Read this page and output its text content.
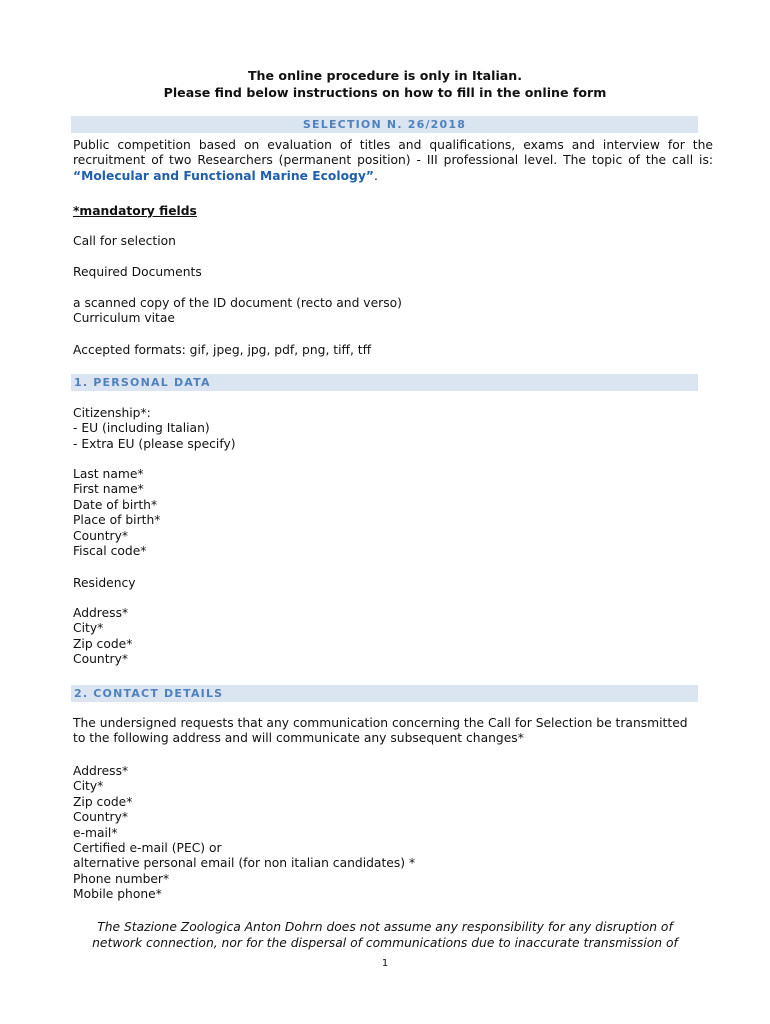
The online procedure is only in Italian.
Please find below instructions on how to fill in the online form
SELECTION N. 26/2018
Public competition based on evaluation of titles and qualifications, exams and interview for the recruitment of two Researchers (permanent position) - III professional level. The topic of the call is: “Molecular and Functional Marine Ecology”.
*mandatory fields
Call for selection
Required Documents
a scanned copy of the ID document (recto and verso)
Curriculum vitae
Accepted formats: gif, jpeg, jpg, pdf, png, tiff, tff
1. PERSONAL DATA
Citizenship*:
- EU (including Italian)
- Extra EU (please specify)
Last name*
First name*
Date of birth*
Place of birth*
Country*
Fiscal code*
Residency
Address*
City*
Zip code*
Country*
2. CONTACT DETAILS
The undersigned requests that any communication concerning the Call for Selection be transmitted
to the following address and will communicate any subsequent changes*
Address*
City*
Zip code*
Country*
e-mail*
Certified e-mail (PEC) or
alternative personal email (for non italian candidates) *
Phone number*
Mobile phone*
The Stazione Zoologica Anton Dohrn does not assume any responsibility for any disruption of
network connection, nor for the dispersal of communications due to inaccurate transmission of
1
